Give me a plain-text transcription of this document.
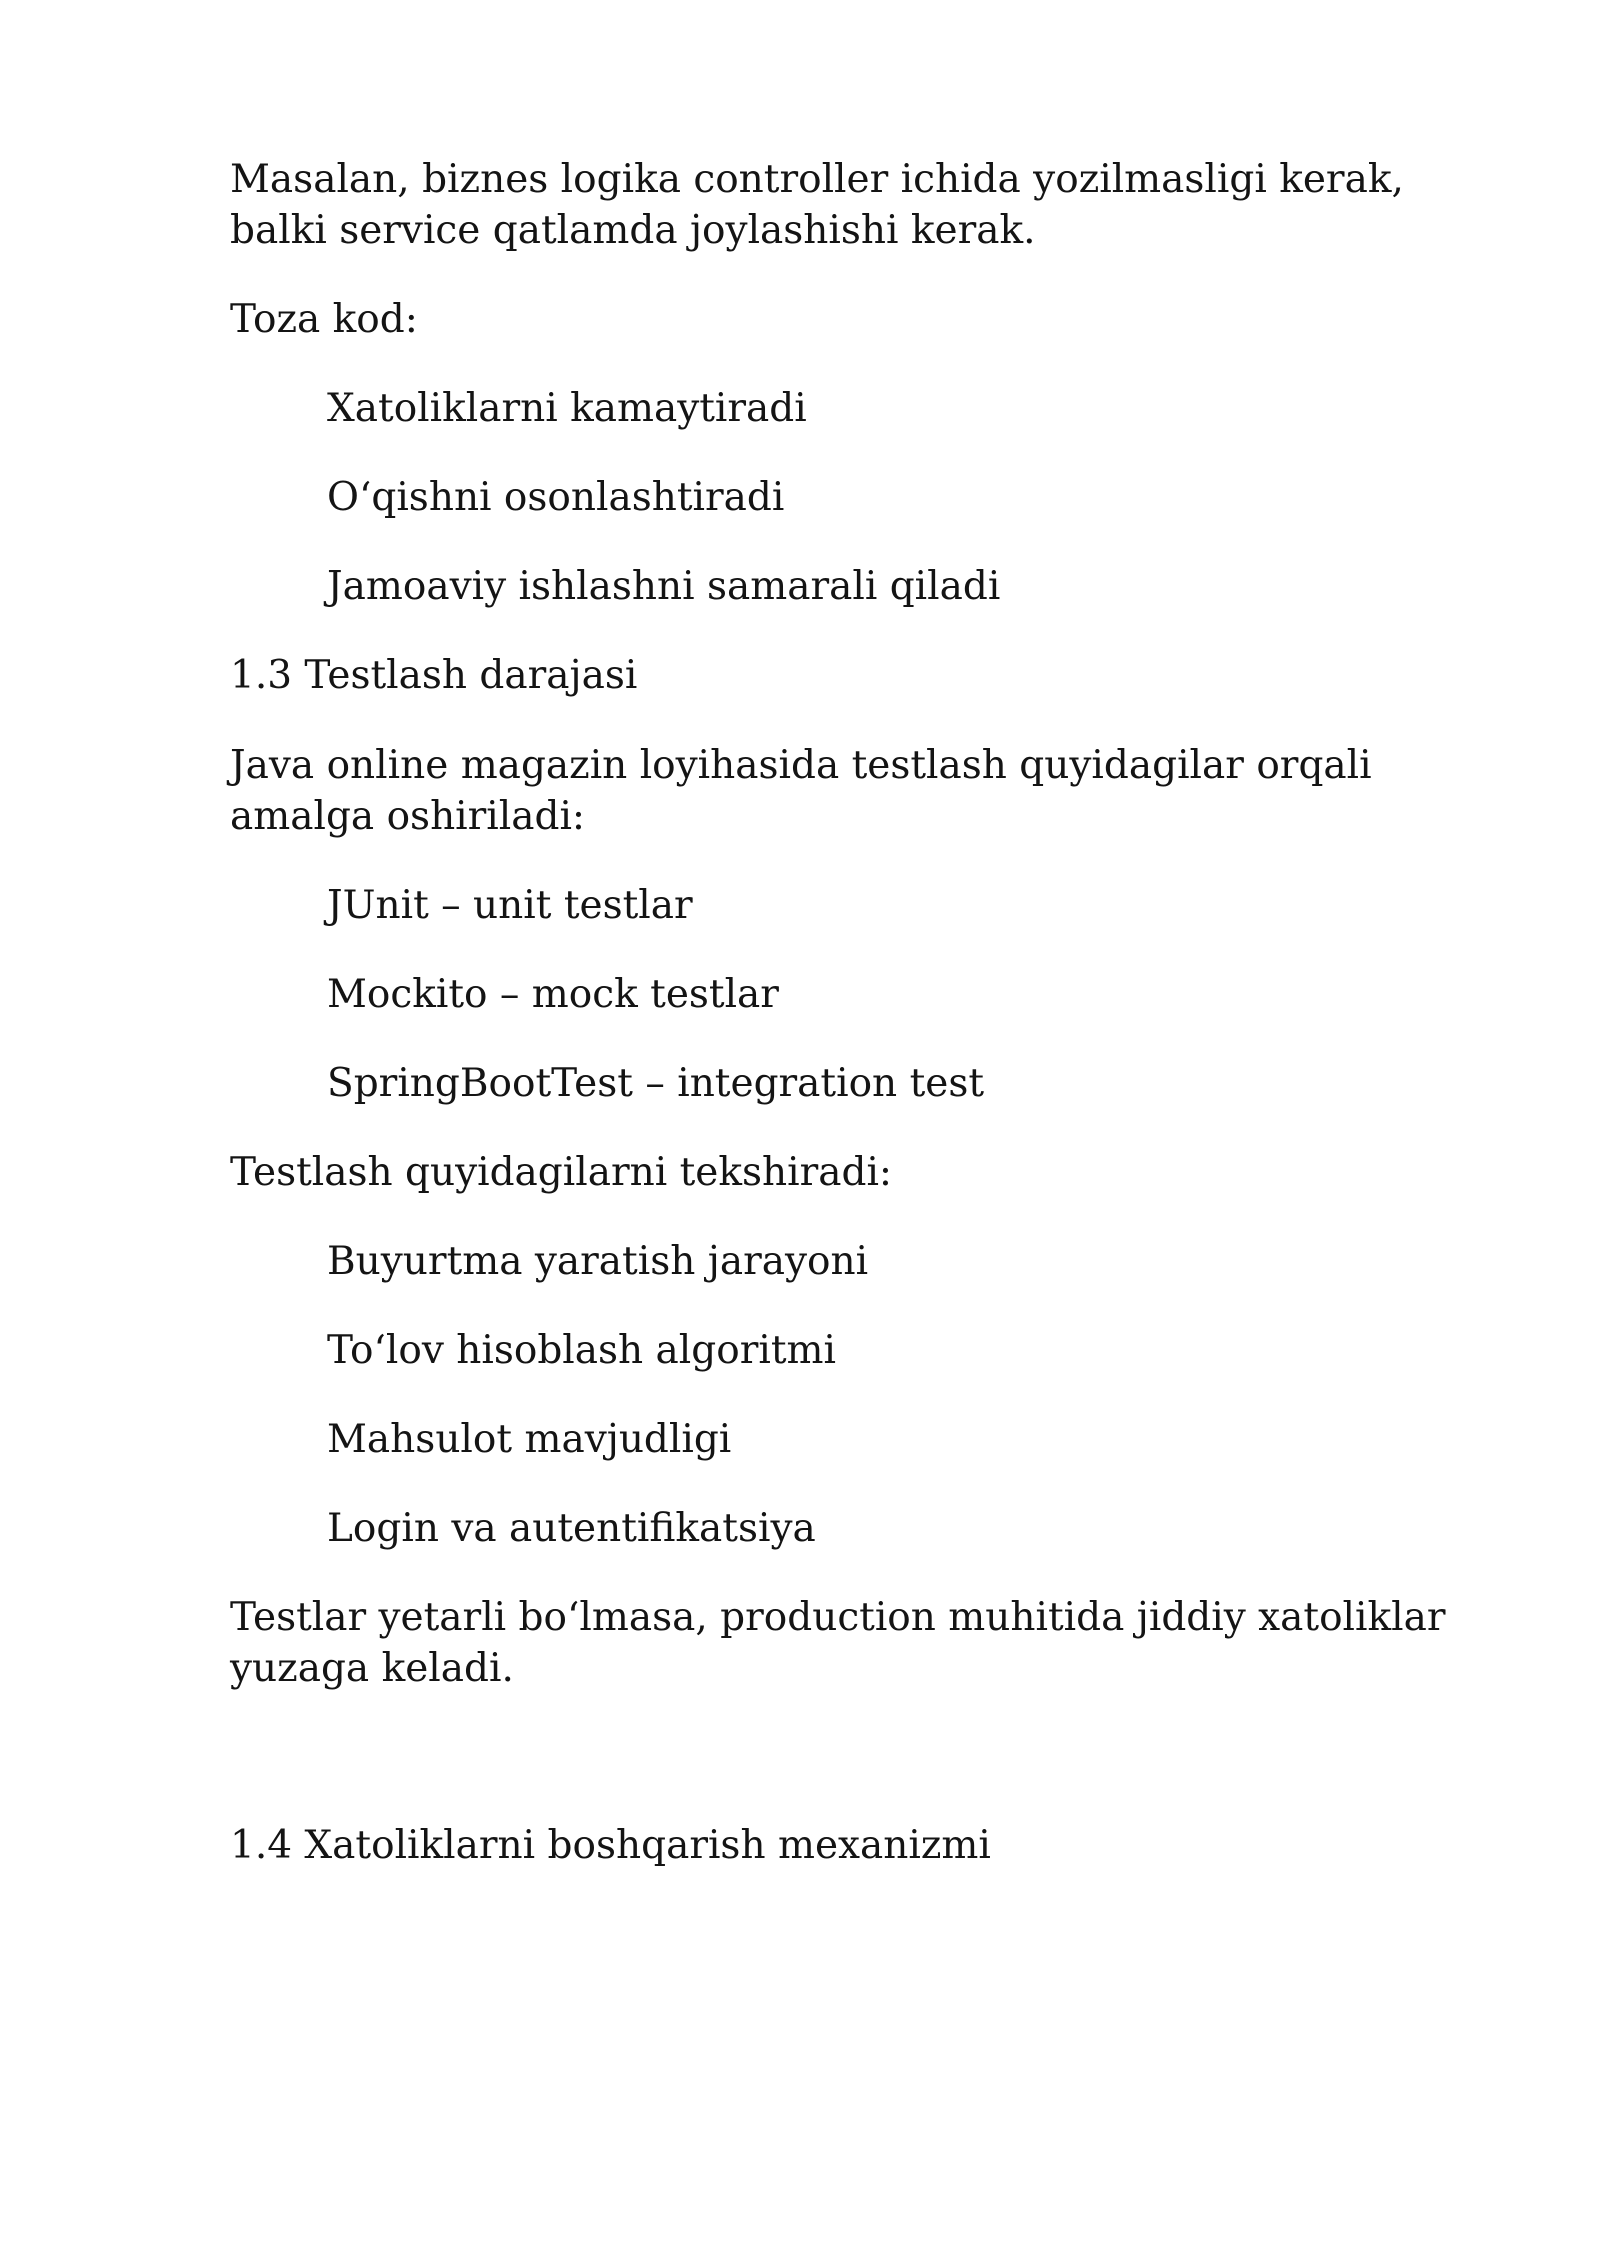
Masalan, biznes logika controller ichida yozilmasligi kerak, balki service qatlamda joylashishi kerak.

Toza kod:

Xatoliklarni kamaytiradi

O‘qishni osonlashtiradi

Jamoaviy ishlashni samarali qiladi

1.3 Testlash darajasi

Java online magazin loyihasida testlash quyidagilar orqali amalga oshiriladi:

JUnit – unit testlar

Mockito – mock testlar

SpringBootTest – integration test

Testlash quyidagilarni tekshiradi:

Buyurtma yaratish jarayoni

To‘lov hisoblash algoritmi

Mahsulot mavjudligi

Login va autentifikatsiya

Testlar yetarli bo‘lmasa, production muhitida jiddiy xatoliklar yuzaga keladi.

1.4 Xatoliklarni boshqarish mexanizmi
